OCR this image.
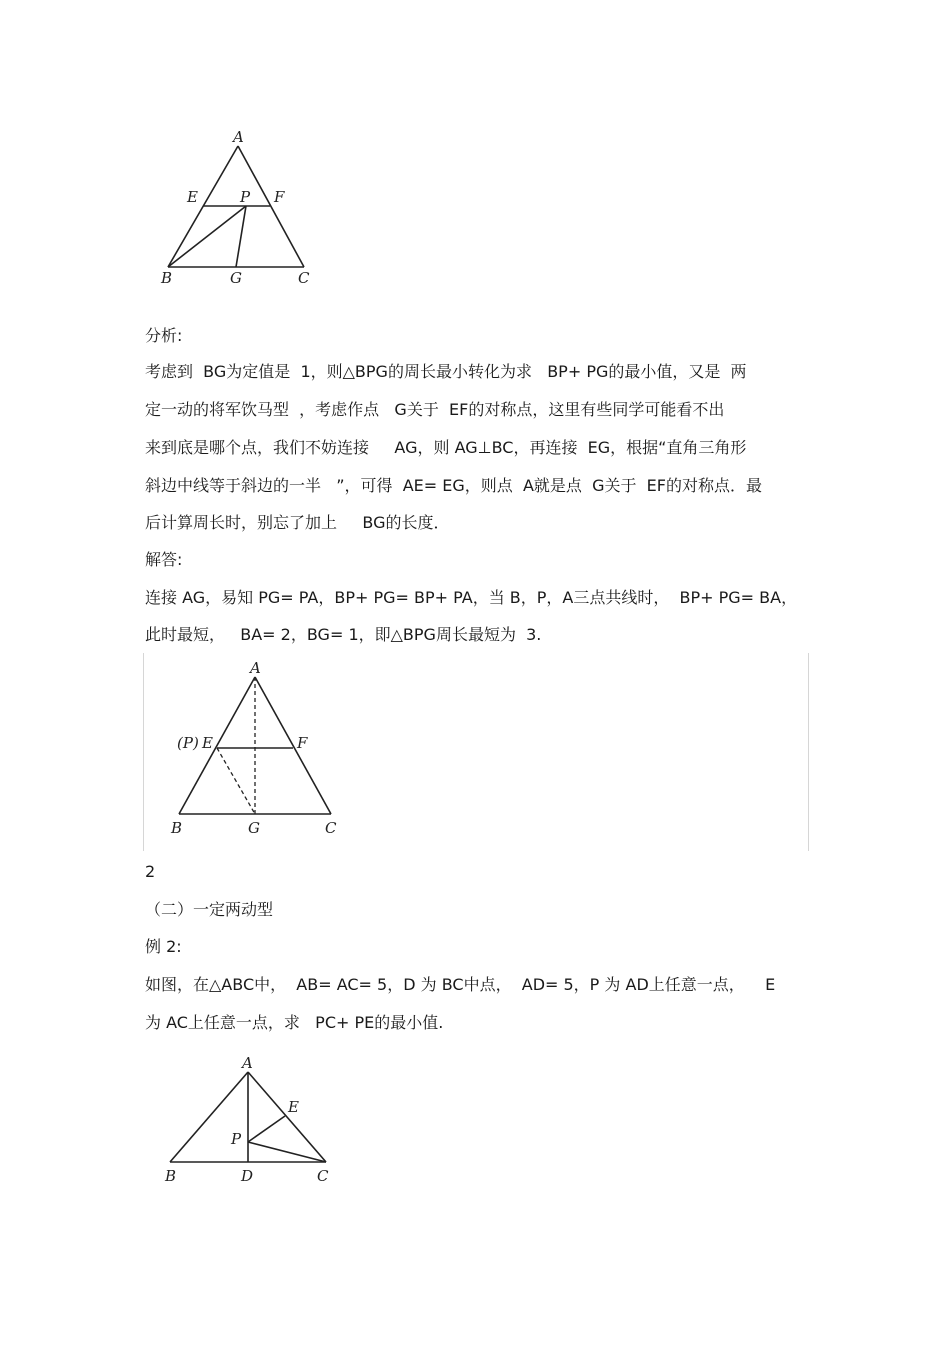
A
E	P F
B	G	C
分析:
考虑到  BG为定值是  1，则△BPG的周长最小转化为求   BP+ PG的最小值，又是  两
定一动的将军饮马型  ，考虑作点   G关于  EF的对称点，这里有些同学可能看不出
来到底是哪个点，我们不妨连接     AG，则 AG⊥BC，再连接  EG，根据“直角三角形
斜边中线等于斜边的一半   ”，可得  AE= EG，则点  A就是点  G关于  EF的对称点．最
后计算周长时，别忘了加上     BG的长度．
解答:
连接 AG，易知 PG= PA，BP+ PG= BP+ PA，当 B，P，A三点共线时，  BP+ PG= BA，
此时最短，   BA= 2，BG= 1，即△BPG周长最短为  3.
A
(P) E	F
B	G	C
2
（二）一定两动型
例 2:
如图，在△ABC中，  AB= AC= 5，D 为 BC中点，  AD= 5，P 为 AD上任意一点，    E
为 AC上任意一点，求   PC+ PE的最小值.
A
E
P
B	D	C
